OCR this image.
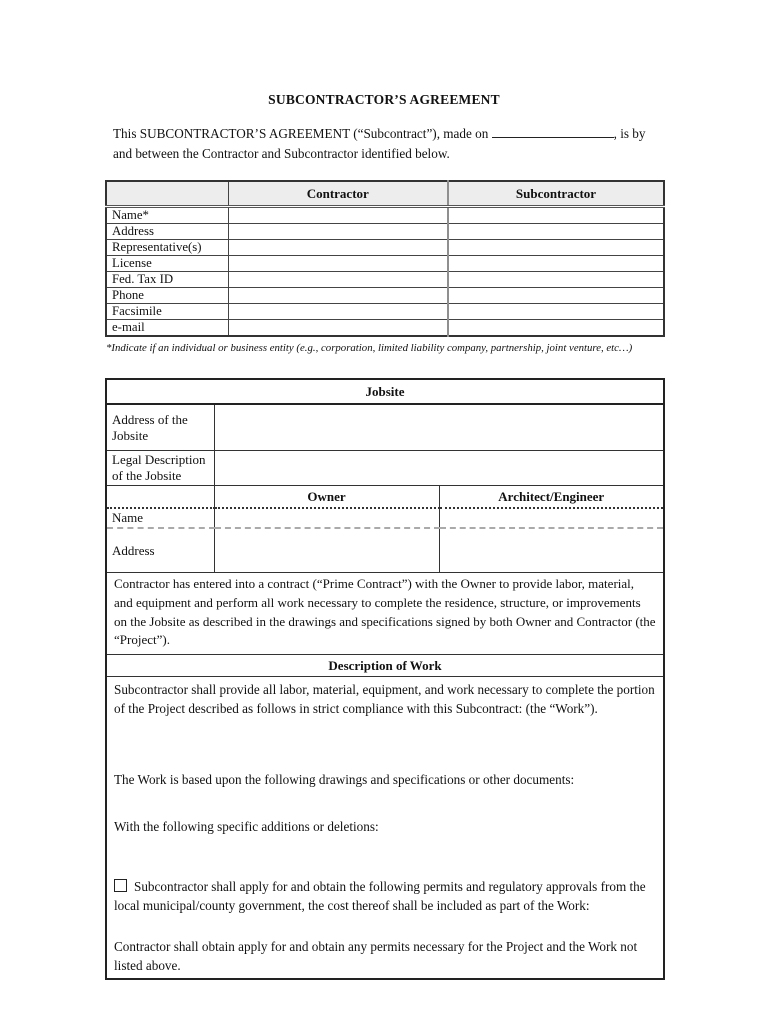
SUBCONTRACTOR’S AGREEMENT

This SUBCONTRACTOR’S AGREEMENT (“Subcontract”), made on	, is by and between the Contractor and Subcontractor identified below.

	Contractor	Subcontractor
Name*		
Address		
Representative(s)		
License		
Fed. Tax ID		
Phone		
Facsimile		
e-mail		

*Indicate if an individual or business entity (e.g., corporation, limited liability company, partnership, joint venture, etc…)

Jobsite		
Address of the Jobsite		
Legal Description of the Jobsite		
	Owner	Architect/Engineer
Name		
Address		
Contractor has entered into a contract (“Prime Contract”) with the Owner to provide labor, material, and equipment and perform all work necessary to complete the residence, structure, or improvements on the Jobsite as described in the drawings and specifications signed by both Owner and Contractor (the “Project”).		
Description of Work		

Subcontractor shall provide all labor, material, equipment, and work necessary to complete the portion of the Project described as follows in strict compliance with this Subcontract: (the “Work”).

The Work is based upon the following drawings and specifications or other documents:

With the following specific additions or deletions:

Subcontractor shall apply for and obtain the following permits and regulatory approvals from the local municipal/county government, the cost thereof shall be included as part of the Work:

Contractor shall obtain apply for and obtain any permits necessary for the Project and the Work not listed above.		
